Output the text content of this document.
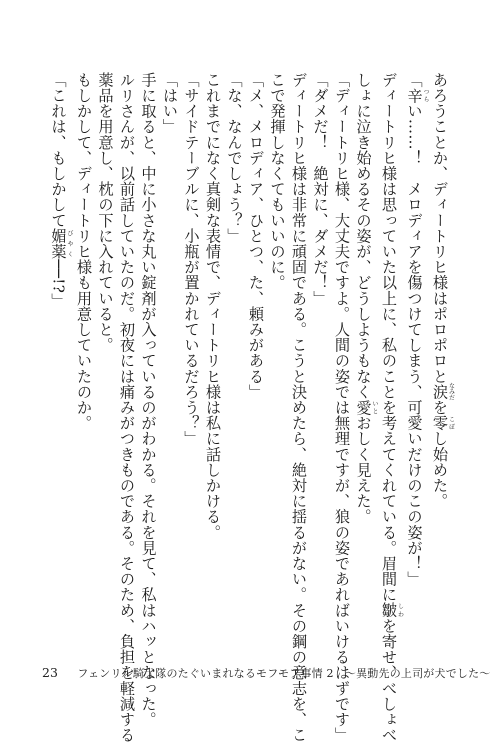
あろうことか、ディートリヒ様はポロポロと涙なみだを零こぼし始めた。
「辛つらい……！　メロディアを傷つけてしまう、可愛いだけのこの姿が！」
ディートリヒ様は思っていた以上に、私のことを考えてくれている。眉間に皺しわを寄せ、べしょべ
しょに泣き始めるその姿が、どうしようもなく愛いとおしく見えた。
「ディートリヒ様、大丈夫ですよ。人間の姿では無理ですが、狼の姿であればいけるはずです」
「ダメだ！　絶対に、ダメだ！」
ディートリヒ様は非常に頑固である。こうと決めたら、絶対に揺るがない。その鋼の意志を、こ
こで発揮しなくてもいいのに。
「メ、メロディア、ひとつ、た、頼みがある」
「な、なんでしょう？」
これまでになく真剣な表情で、ディートリヒ様は私に話しかける。
「サイドテーブルに、小瓶が置かれているだろう？」
「はい」
手に取ると、中に小さな丸い錠剤が入っているのがわかる。それを見て、私はハッとなった。
ルリさんが、以前話していたのだ。初夜には痛みがつきものである。そのため、負担を軽減する
薬品を用意し、枕の下に入れていると。
もしかして、ディートリヒ様も用意していたのか。
「これは、もしかして媚薬びやく──!?」
23 フェンリル騎士隊のたぐいまれなるモフモフ事情 2　～異動先の上司が犬でした～
